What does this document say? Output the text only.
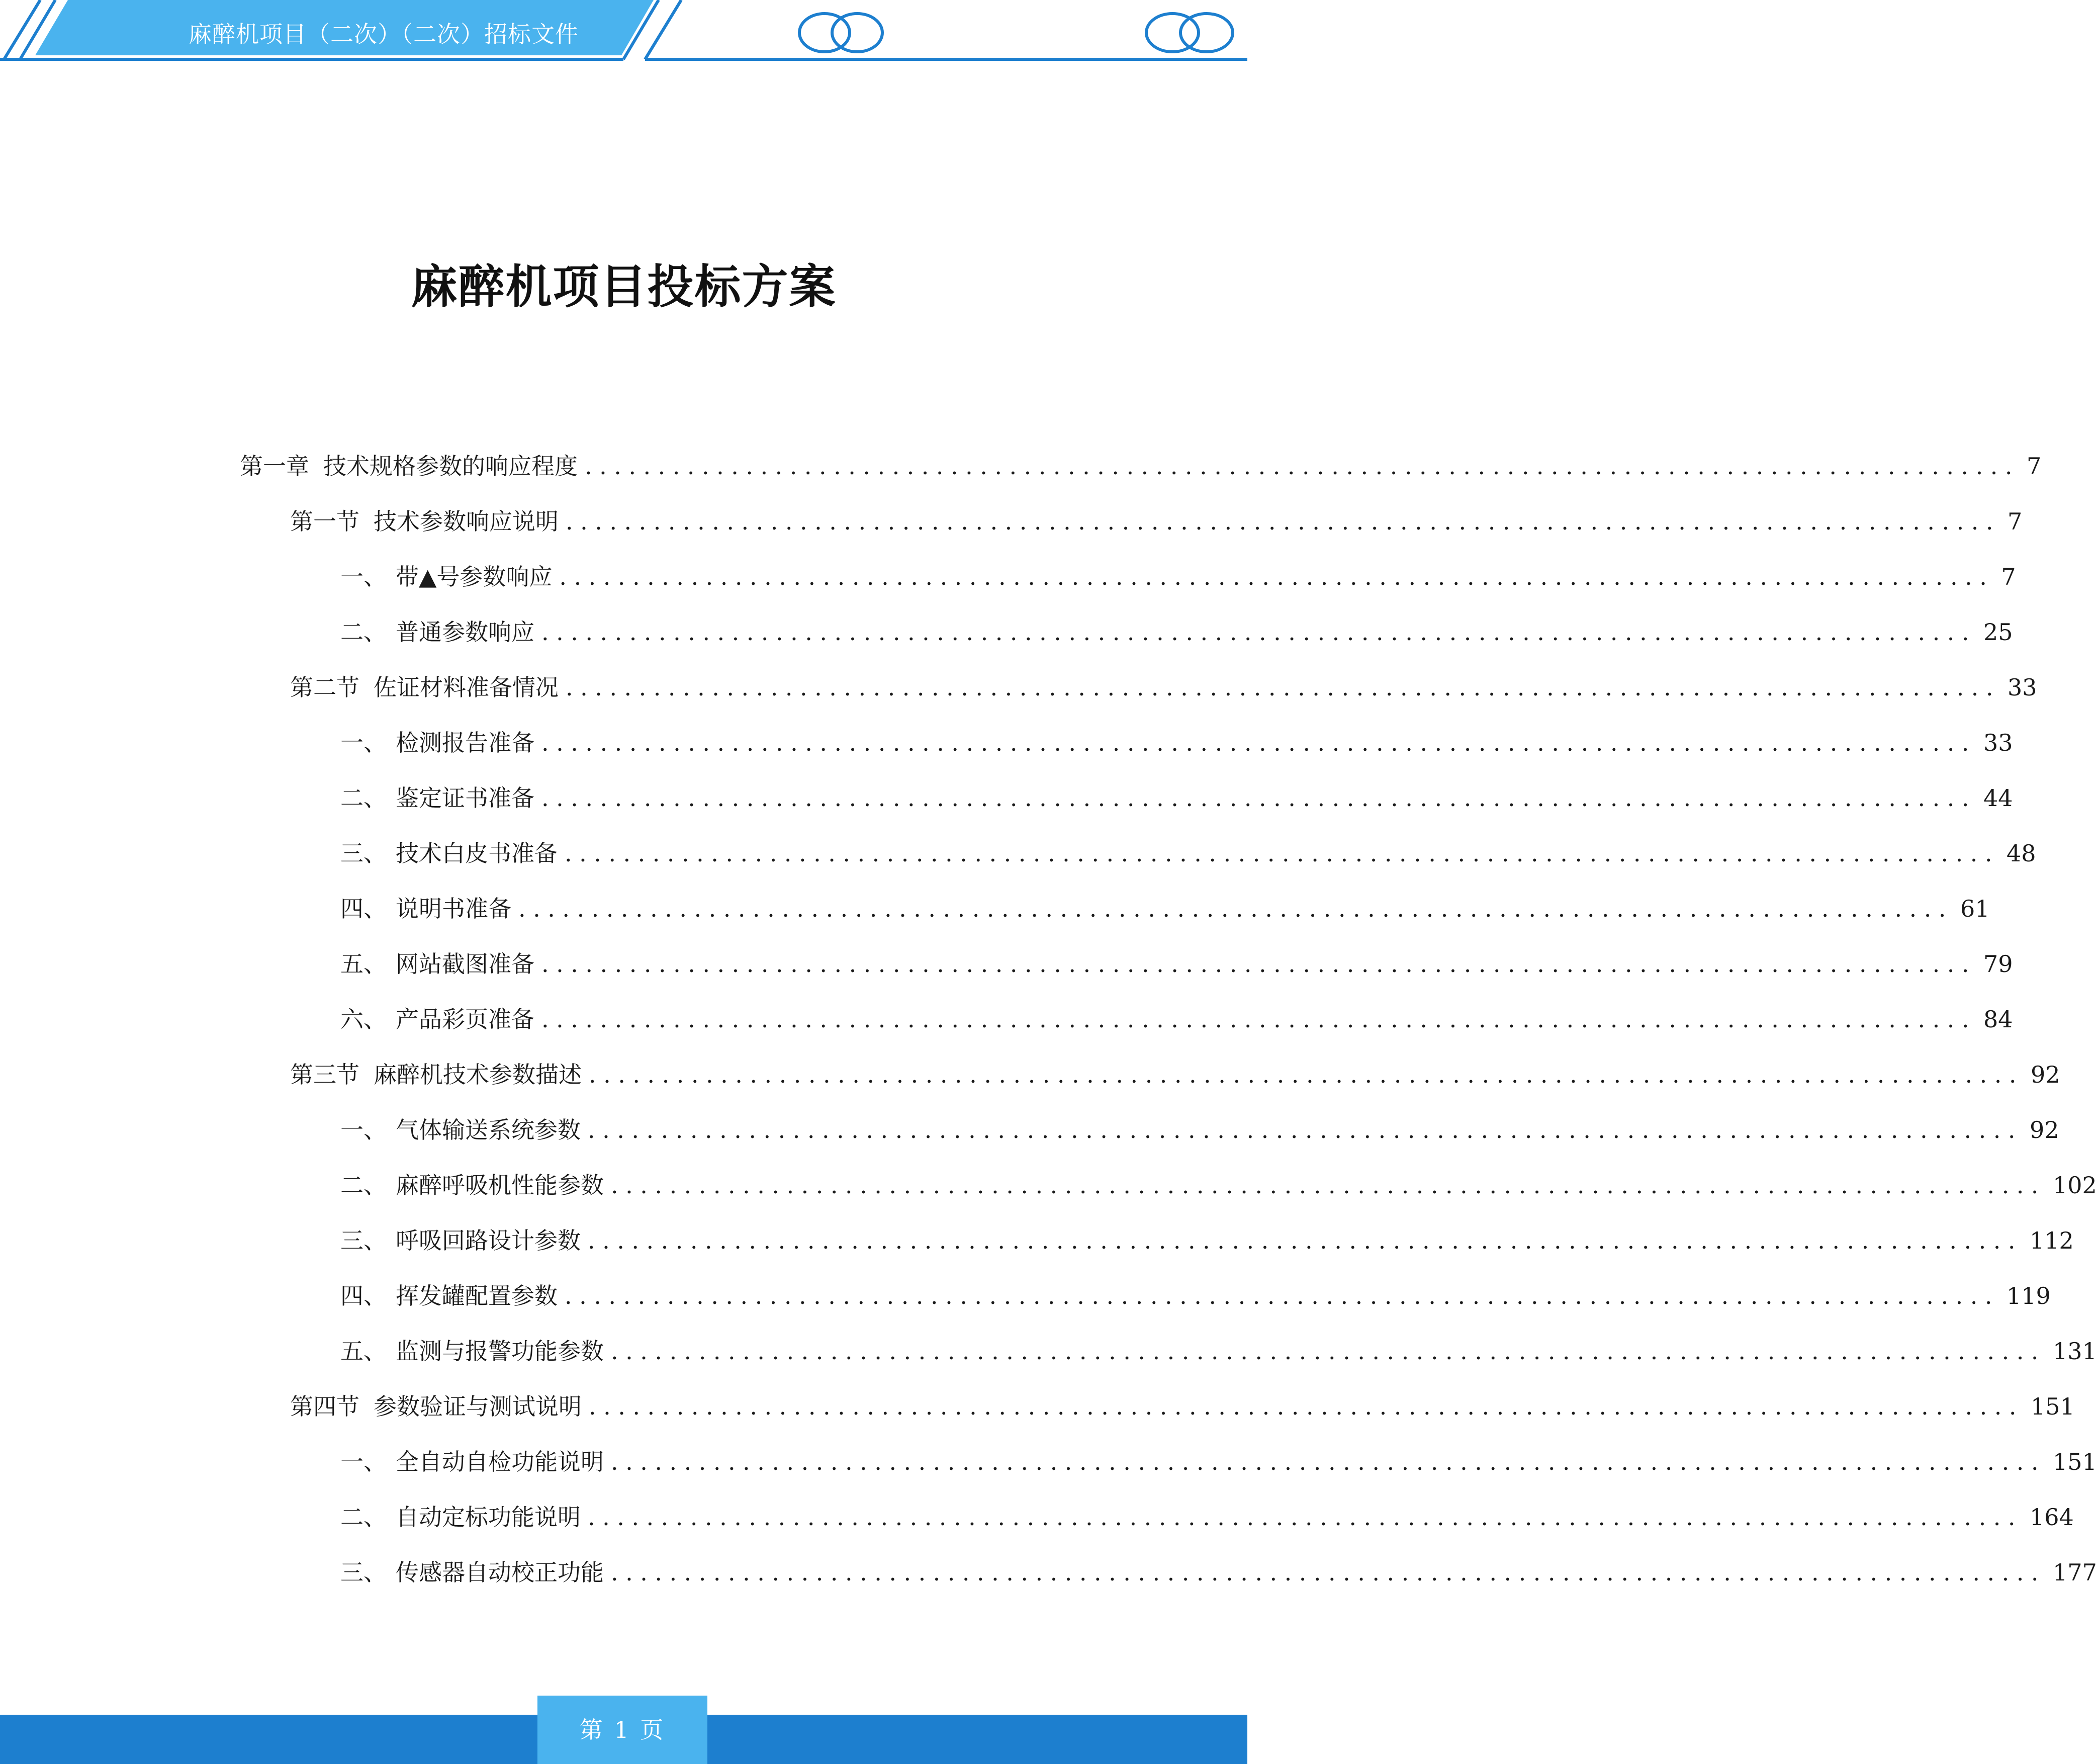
麻醉机项目（二次）（二次）招标文件
麻醉机项目投标方案
第一章 技术规格参数的响应程度 .................................................................................................. 7
第一节 技术参数响应说明 .................................................................................................. 7
一、 带▲号参数响应 .................................................................................................. 7
二、 普通参数响应 .................................................................................................. 25
第二节 佐证材料准备情况 .................................................................................................. 33
一、 检测报告准备 .................................................................................................. 33
二、 鉴定证书准备 .................................................................................................. 44
三、 技术白皮书准备 .................................................................................................. 48
四、 说明书准备 .................................................................................................. 61
五、 网站截图准备 .................................................................................................. 79
六、 产品彩页准备 .................................................................................................. 84
第三节 麻醉机技术参数描述 .................................................................................................. 92
一、 气体输送系统参数 .................................................................................................. 92
二、 麻醉呼吸机性能参数 .................................................................................................. 102
三、 呼吸回路设计参数 .................................................................................................. 112
四、 挥发罐配置参数 .................................................................................................. 119
五、 监测与报警功能参数 .................................................................................................. 131
第四节 参数验证与测试说明 .................................................................................................. 151
一、 全自动自检功能说明 .................................................................................................. 151
二、 自动定标功能说明 .................................................................................................. 164
三、 传感器自动校正功能 .................................................................................................. 177
第 1 页
